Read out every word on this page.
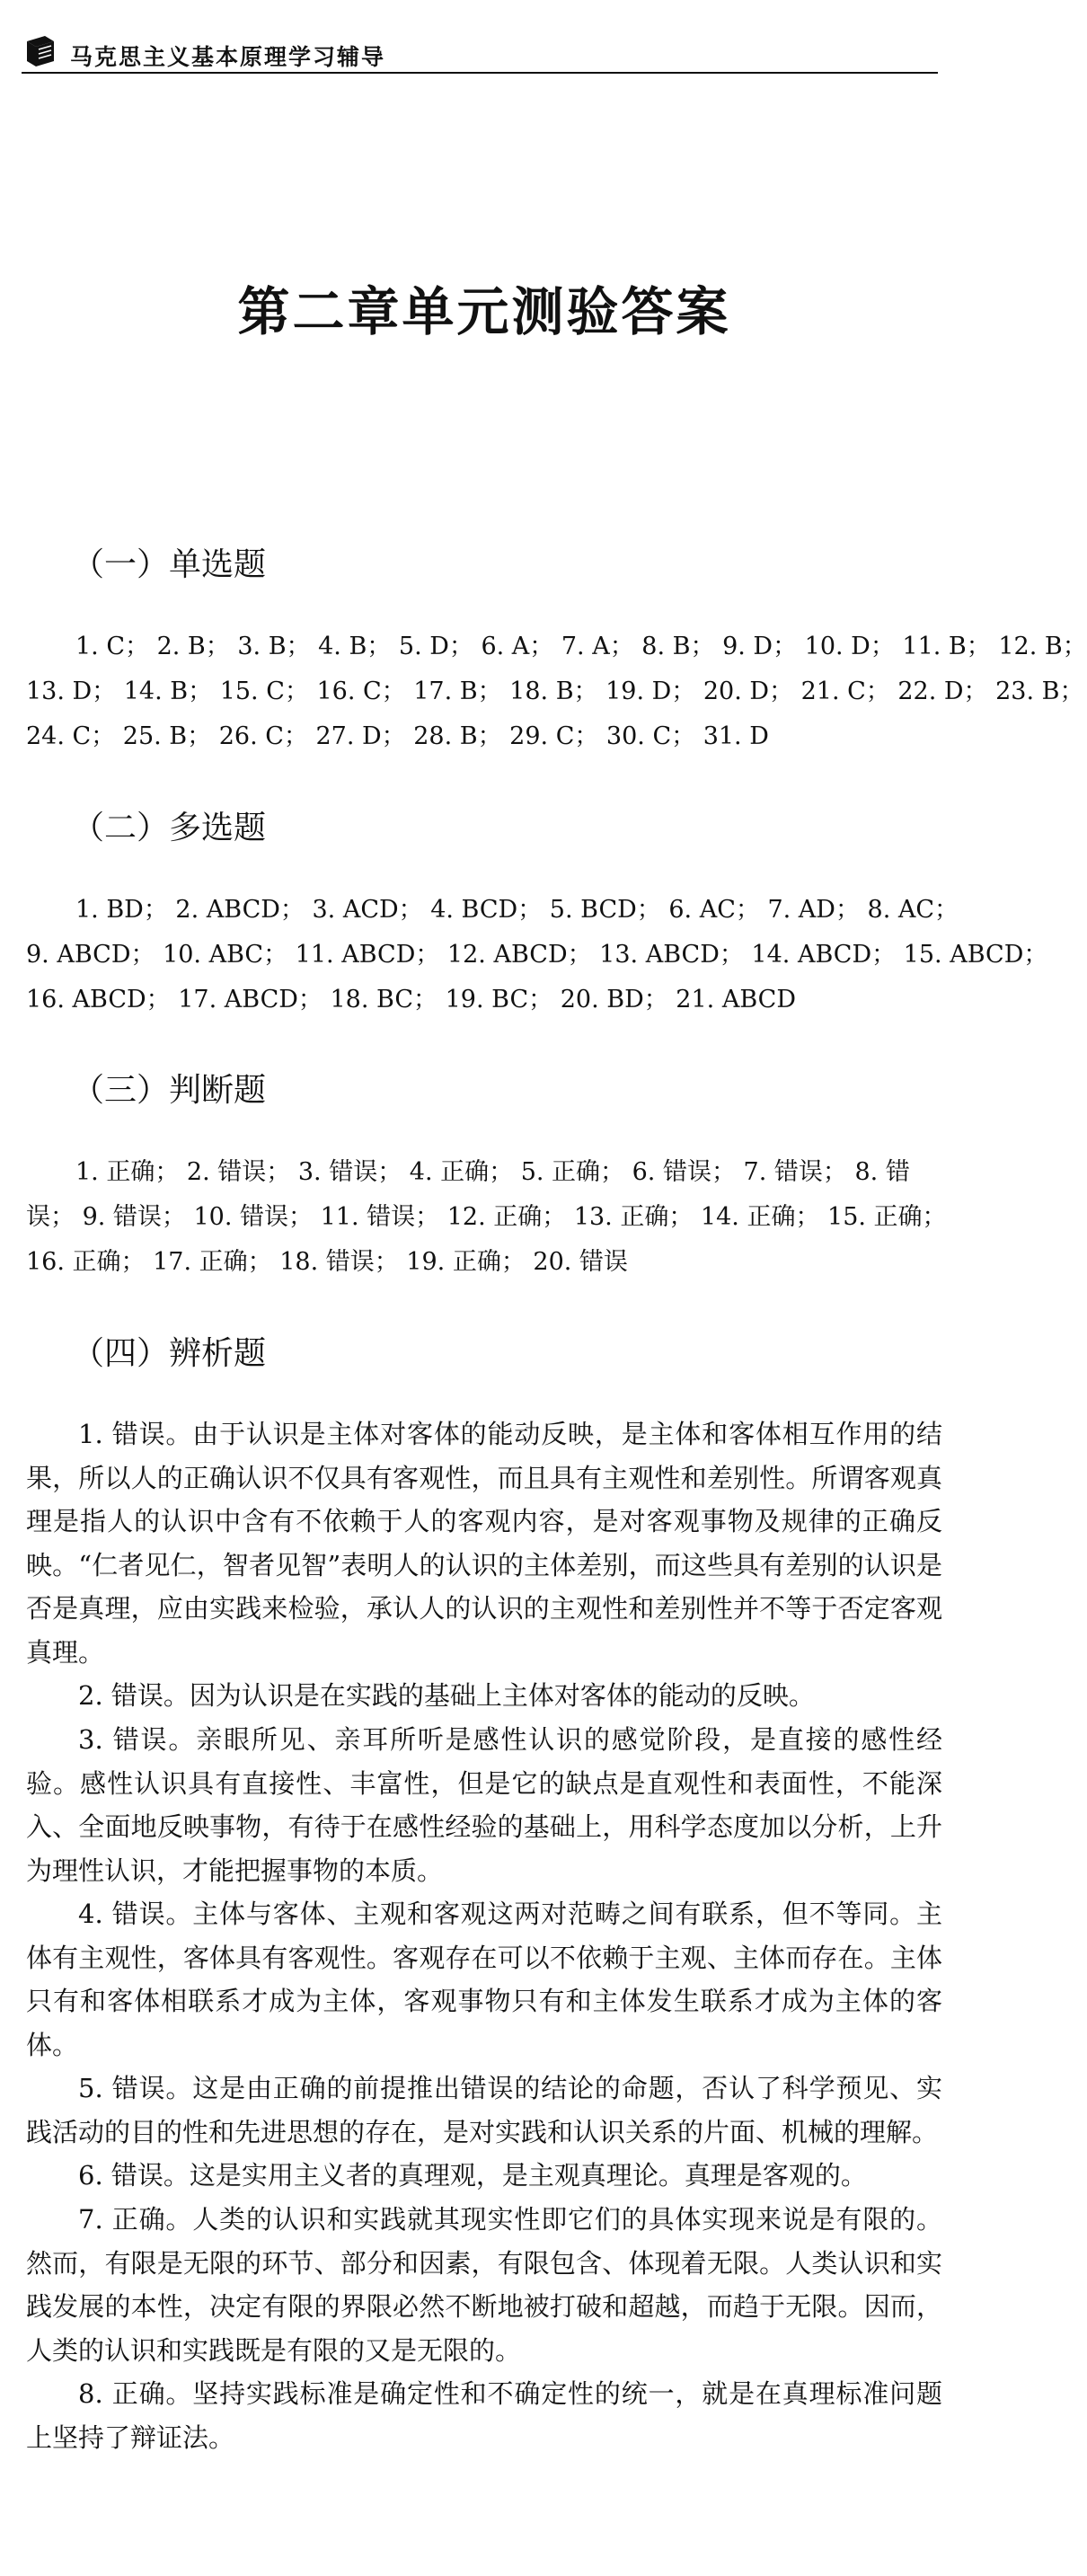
马克思主义基本原理学习辅导
第二章单元测验答案
（一）单选题
1. C； 2. B； 3. B； 4. B； 5. D； 6. A； 7. A； 8. B； 9. D； 10. D； 11. B； 12. B；
13. D； 14. B； 15. C； 16. C； 17. B； 18. B； 19. D； 20. D； 21. C； 22. D； 23. B；
24. C； 25. B； 26. C； 27. D； 28. B； 29. C； 30. C； 31. D
（二）多选题
1. BD； 2. ABCD； 3. ACD； 4. BCD； 5. BCD； 6. AC； 7. AD； 8. AC；
9. ABCD； 10. ABC； 11. ABCD； 12. ABCD； 13. ABCD； 14. ABCD； 15. ABCD；
16. ABCD； 17. ABCD； 18. BC； 19. BC； 20. BD； 21. ABCD
（三）判断题
1. 正确； 2. 错误； 3. 错误； 4. 正确； 5. 正确； 6. 错误； 7. 错误； 8. 错
误； 9. 错误； 10. 错误； 11. 错误； 12. 正确； 13. 正确； 14. 正确； 15. 正确；
16. 正确； 17. 正确； 18. 错误； 19. 正确； 20. 错误
（四）辨析题

1. 错误。由于认识是主体对客体的能动反映，是主体和客体相互作用的结果，所以人的正确认识不仅具有客观性，而且具有主观性和差别性。所谓客观真理是指人的认识中含有不依赖于人的客观内容，是对客观事物及规律的正确反映。“仁者见仁，智者见智”表明人的认识的主体差别，而这些具有差别的认识是否是真理，应由实践来检验，承认人的认识的主观性和差别性并不等于否定客观真理。

2. 错误。因为认识是在实践的基础上主体对客体的能动的反映。

3. 错误。亲眼所见、亲耳所听是感性认识的感觉阶段，是直接的感性经验。感性认识具有直接性、丰富性，但是它的缺点是直观性和表面性，不能深入、全面地反映事物，有待于在感性经验的基础上，用科学态度加以分析，上升为理性认识，才能把握事物的本质。

4. 错误。主体与客体、主观和客观这两对范畴之间有联系，但不等同。主体有主观性，客体具有客观性。客观存在可以不依赖于主观、主体而存在。主体只有和客体相联系才成为主体，客观事物只有和主体发生联系才成为主体的客体。

5. 错误。这是由正确的前提推出错误的结论的命题，否认了科学预见、实践活动的目的性和先进思想的存在，是对实践和认识关系的片面、机械的理解。

6. 错误。这是实用主义者的真理观，是主观真理论。真理是客观的。

7. 正确。人类的认识和实践就其现实性即它们的具体实现来说是有限的。然而，有限是无限的环节、部分和因素，有限包含、体现着无限。人类认识和实践发展的本性，决定有限的界限必然不断地被打破和超越，而趋于无限。因而，人类的认识和实践既是有限的又是无限的。

8. 正确。坚持实践标准是确定性和不确定性的统一，就是在真理标准问题上坚持了辩证法。
